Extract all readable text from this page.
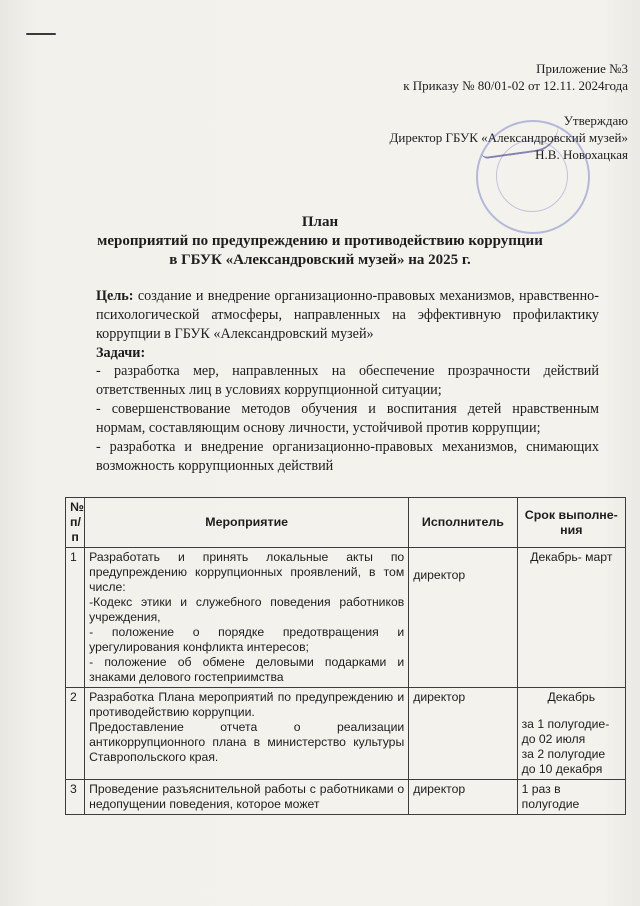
Приложение №3
к Приказу № 80/01-02 от 12.11. 2024года
Утверждаю
Директор ГБУК «Александровский музей»
Н.В. Новохацкая
План
мероприятий по предупреждению и противодействию коррупции
в ГБУК «Александровский музей» на 2025 г.
Цель: создание и внедрение организационно-правовых механизмов, нравственно-психологической атмосферы, направленных на эффективную профилактику коррупции в ГБУК «Александровский музей»
Задачи:
- разработка мер, направленных на обеспечение прозрачности действий ответственных лиц в условиях коррупционной ситуации;
- совершенствование методов обучения и воспитания детей нравственным нормам, составляющим основу личности, устойчивой против коррупции;
- разработка и внедрение организационно-правовых механизмов, снимающих возможность коррупционных действий
№ п/п	Мероприятие	Исполнитель	Срок выполне-ния
1	Разработать и принять локальные акты по предупреждению коррупционных проявлений, в том числе:
-Кодекс этики и служебного поведения работников учреждения,
- положение о порядке предотвращения и урегулирования конфликта интересов;
- положение об обмене деловыми подарками и знаками делового гостеприимства	директор	Декабрь- март

2	Разработка Плана мероприятий по предупреждению и противодействию коррупции.
Предоставление отчета о реализации антикоррупционного плана в министерство культуры Ставропольского края.	директор	Декабрь
за 1 полугодие- до 02 июля
за 2 полугодие до 10 декабря

3	Проведение разъяснительной работы с работниками о недопущении поведения, которое может	директор	1 раз в полугодие
